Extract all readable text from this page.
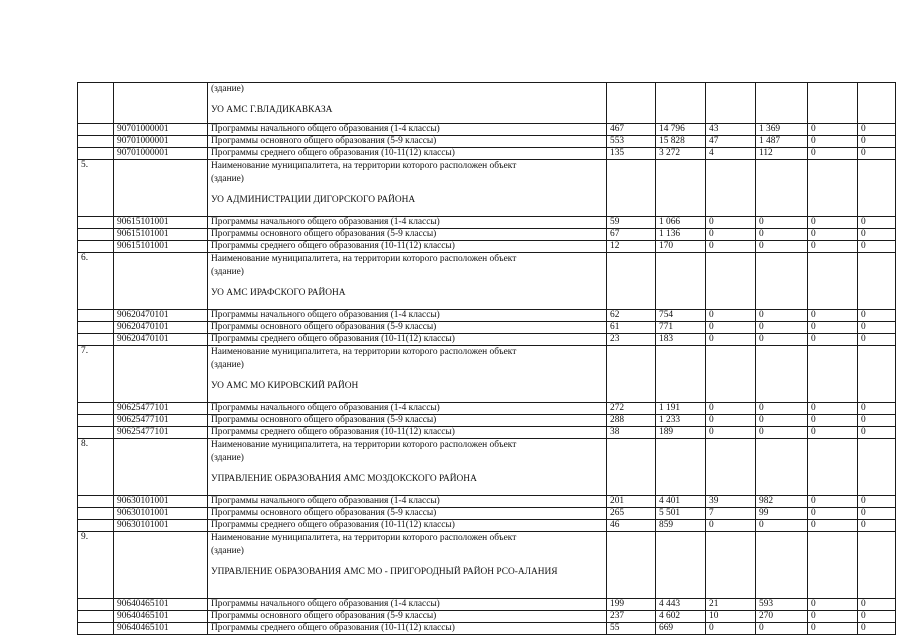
		(здание)
УО АМС Г.ВЛАДИКАВКАЗА						

	90701000001	Программы начального общего образования (1-4 классы)	467	14 796	43	1 369	0	0
	90701000001	Программы основного общего образования (5-9 классы)	553	15 828	47	1 487	0	0
	90701000001	Программы среднего общего образования (10-11(12) классы)	135	3 272	4	112	0	0
5.		Наименование муниципалитета, на территории которого расположен объект
(здание)
УО АДМИНИСТРАЦИИ ДИГОРСКОГО РАЙОНА						

	90615101001	Программы начального общего образования (1-4 классы)	59	1 066	0	0	0	0
	90615101001	Программы основного общего образования (5-9 классы)	67	1 136	0	0	0	0
	90615101001	Программы среднего общего образования (10-11(12) классы)	12	170	0	0	0	0
6.		Наименование муниципалитета, на территории которого расположен объект
(здание)
УО АМС ИРАФСКОГО РАЙОНА						

	90620470101	Программы начального общего образования (1-4 классы)	62	754	0	0	0	0
	90620470101	Программы основного общего образования (5-9 классы)	61	771	0	0	0	0
	90620470101	Программы среднего общего образования (10-11(12) классы)	23	183	0	0	0	0
7.		Наименование муниципалитета, на территории которого расположен объект
(здание)
УО АМС МО КИРОВСКИЙ РАЙОН						

	90625477101	Программы начального общего образования (1-4 классы)	272	1 191	0	0	0	0
	90625477101	Программы основного общего образования (5-9 классы)	288	1 233	0	0	0	0
	90625477101	Программы среднего общего образования (10-11(12) классы)	38	189	0	0	0	0
8.		Наименование муниципалитета, на территории которого расположен объект
(здание)
УПРАВЛЕНИЕ ОБРАЗОВАНИЯ АМС МОЗДОКСКОГО РАЙОНА						

	90630101001	Программы начального общего образования (1-4 классы)	201	4 401	39	982	0	0
	90630101001	Программы основного общего образования (5-9 классы)	265	5 501	7	99	0	0
	90630101001	Программы среднего общего образования (10-11(12) классы)	46	859	0	0	0	0
9.		Наименование муниципалитета, на территории которого расположен объект
(здание)
УПРАВЛЕНИЕ ОБРАЗОВАНИЯ АМС МО - ПРИГОРОДНЫЙ РАЙОН РСО-АЛАНИЯ						

	90640465101	Программы начального общего образования (1-4 классы)	199	4 443	21	593	0	0
	90640465101	Программы основного общего образования (5-9 классы)	237	4 602	10	270	0	0
	90640465101	Программы среднего общего образования (10-11(12) классы)	55	669	0	0	0	0
